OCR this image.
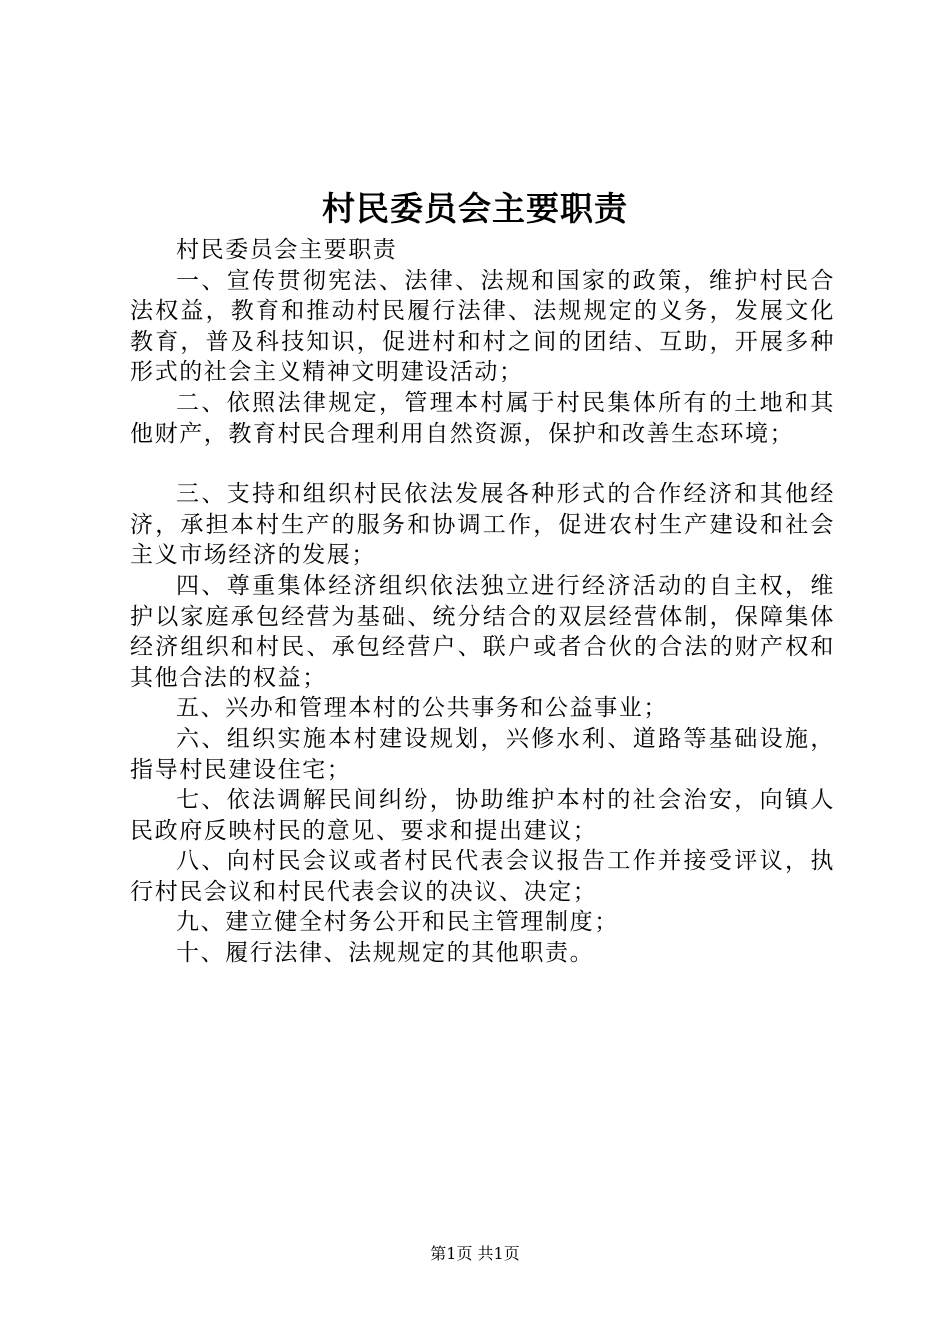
村民委员会主要职责

村民委员会主要职责

一、宣传贯彻宪法、法律、法规和国家的政策，维护村民合法权益，教育和推动村民履行法律、法规规定的义务，发展文化教育，普及科技知识，促进村和村之间的团结、互助，开展多种形式的社会主义精神文明建设活动；

二、依照法律规定，管理本村属于村民集体所有的土地和其他财产，教育村民合理利用自然资源，保护和改善生态环境；

三、支持和组织村民依法发展各种形式的合作经济和其他经济，承担本村生产的服务和协调工作，促进农村生产建设和社会主义市场经济的发展；

四、尊重集体经济组织依法独立进行经济活动的自主权，维护以家庭承包经营为基础、统分结合的双层经营体制，保障集体经济组织和村民、承包经营户、联户或者合伙的合法的财产权和其他合法的权益；

五、兴办和管理本村的公共事务和公益事业；

六、组织实施本村建设规划，兴修水利、道路等基础设施，指导村民建设住宅；

七、依法调解民间纠纷，协助维护本村的社会治安，向镇人民政府反映村民的意见、要求和提出建议；

八、向村民会议或者村民代表会议报告工作并接受评议，执行村民会议和村民代表会议的决议、决定；

九、建立健全村务公开和民主管理制度；

十、履行法律、法规规定的其他职责。

第1页 共1页
